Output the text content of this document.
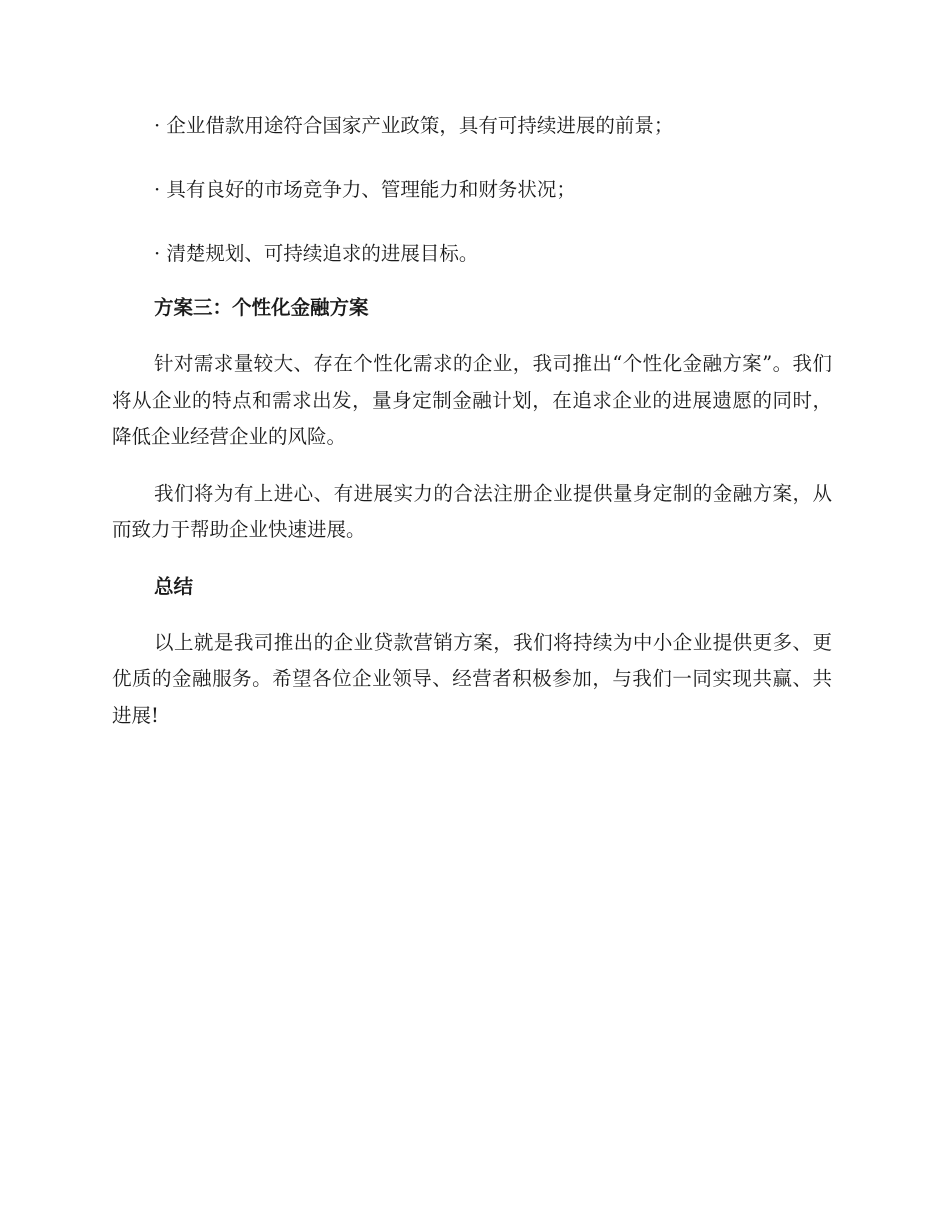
· 企业借款用途符合国家产业政策，具有可持续进展的前景；

· 具有良好的市场竞争力、管理能力和财务状况；

· 清楚规划、可持续追求的进展目标。

方案三：个性化金融方案

针对需求量较大、存在个性化需求的企业，我司推出“个性化金融方案”。我们将从企业的特点和需求出发，量身定制金融计划，在追求企业的进展遗愿的同时，降低企业经营企业的风险。

我们将为有上进心、有进展实力的合法注册企业提供量身定制的金融方案，从而致力于帮助企业快速进展。

总结

以上就是我司推出的企业贷款营销方案，我们将持续为中小企业提供更多、更优质的金融服务。希望各位企业领导、经营者积极参加，与我们一同实现共赢、共进展!
